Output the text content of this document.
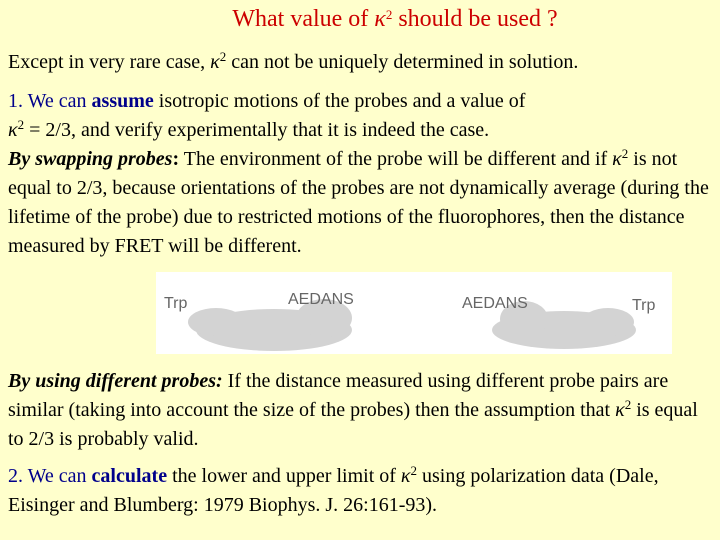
What value of $\kappa^2$ should be used ?

Except in very rare case, $\kappa^2$ can not be uniquely determined in solution.

1. We can assume isotropic motions of the probes and a value of
$\kappa^2 = 2/3$, and verify experimentally that it is indeed the case.
By swapping probes: The environment of the probe will be different and if $\kappa^2$ is not equal to 2/3, because orientations of the probes are not dynamically average (during the lifetime of the probe) due to restricted motions of the fluorophores, then the distance measured by FRET will be different.
Trp	AEDANS	AEDANS	Trp

By using different probes: If the distance measured using different probe pairs are similar (taking into account the size of the probes) then the assumption that $\kappa^2$ is equal to 2/3 is probably valid.

2. We can calculate the lower and upper limit of $\kappa^2$ using polarization data (Dale, Eisinger and Blumberg: 1979 Biophys. J. 26:161-93).
